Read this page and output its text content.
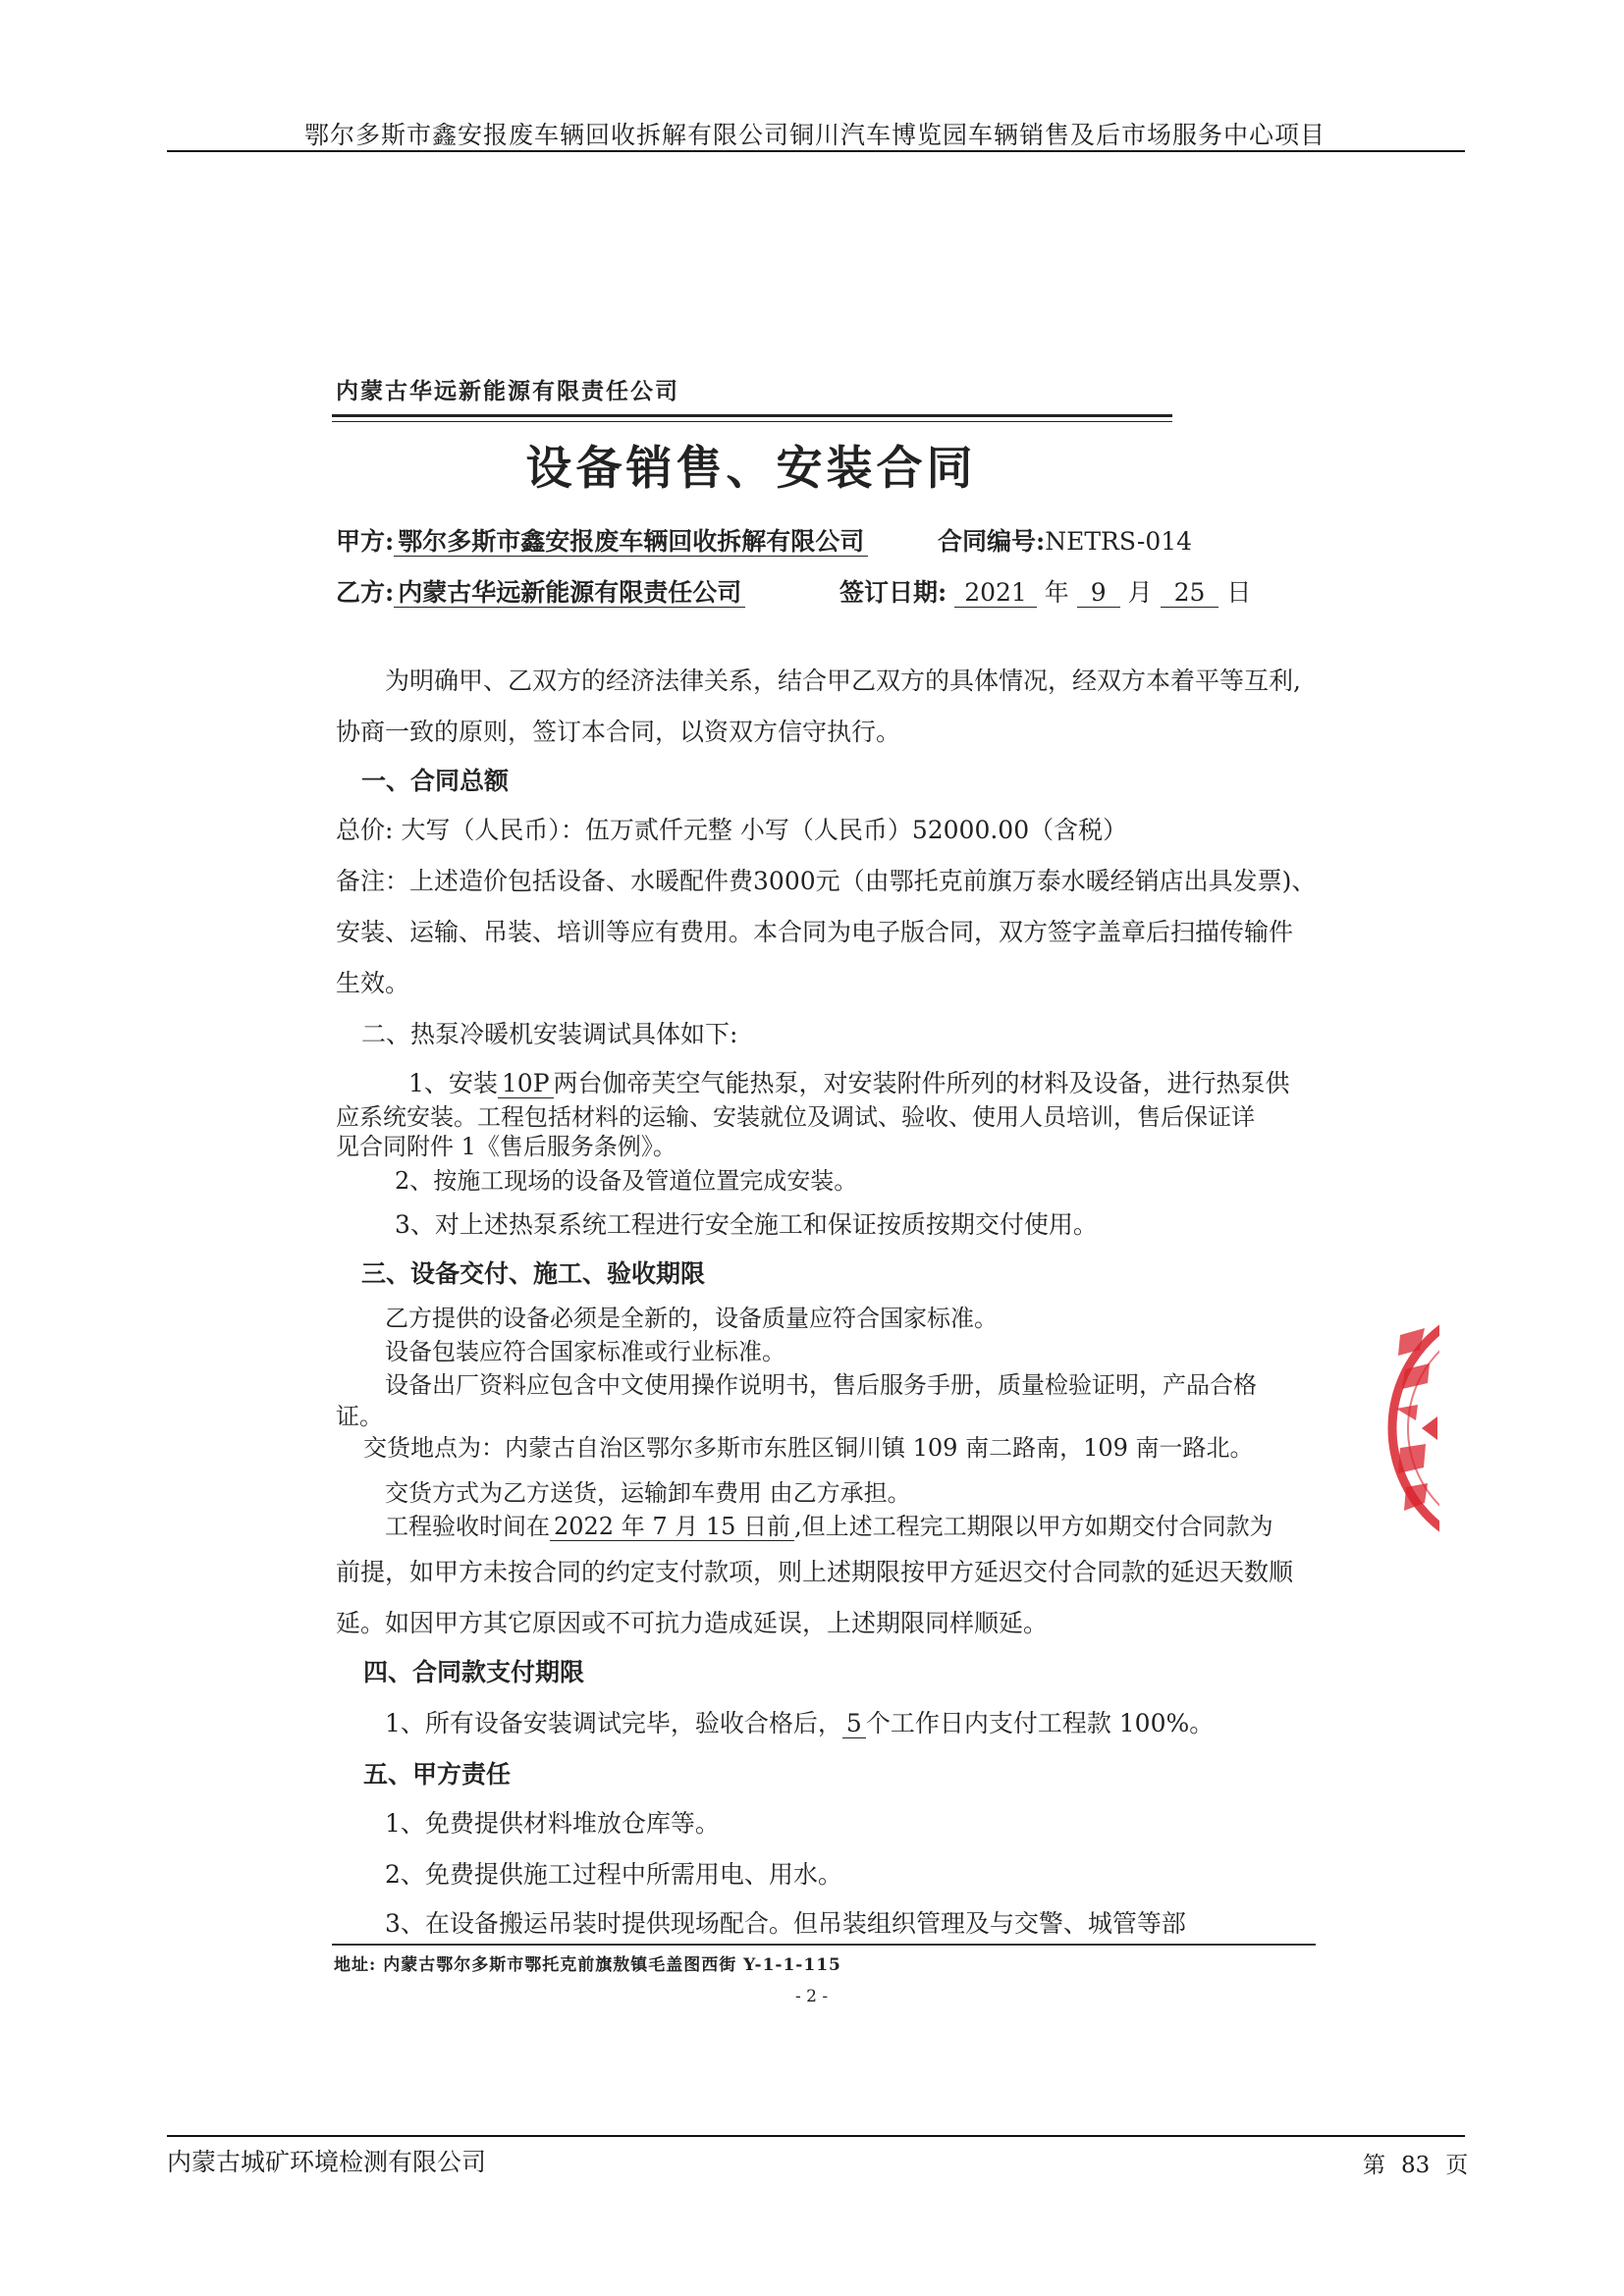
鄂尔多斯市鑫安报废车辆回收拆解有限公司铜川汽车博览园车辆销售及后市场服务中心项目
内蒙古华远新能源有限责任公司
设备销售、安装合同
甲方: 鄂尔多斯市鑫安报废车辆回收拆解有限公司	合同编号:NETRS-014
乙方: 内蒙古华远新能源有限责任公司	签订日期: 2021 年 9 月 25 日
为明确甲、乙双方的经济法律关系，结合甲乙双方的具体情况，经双方本着平等互利,
协商一致的原则，签订本合同，以资双方信守执行。
一、合同总额
总价: 大写（人民币）：伍万贰仟元整 小写（人民币）52000.00（含税）
备注：上述造价包括设备、水暖配件费3000元（由鄂托克前旗万泰水暖经销店出具发票)、
安装、运输、吊装、培训等应有费用。本合同为电子版合同，双方签字盖章后扫描传输件
生效。
二、热泵冷暖机安装调试具体如下:
1、安装 10P 两台伽帝芙空气能热泵，对安装附件所列的材料及设备，进行热泵供
应系统安装。工程包括材料的运输、安装就位及调试、验收、使用人员培训，售后保证详
见合同附件 1《售后服务条例》。
2、按施工现场的设备及管道位置完成安装。
3、对上述热泵系统工程进行安全施工和保证按质按期交付使用。
三、设备交付、施工、验收期限
乙方提供的设备必须是全新的，设备质量应符合国家标准。
设备包装应符合国家标准或行业标准。
设备出厂资料应包含中文使用操作说明书，售后服务手册，质量检验证明，产品合格
证。
交货地点为：内蒙古自治区鄂尔多斯市东胜区铜川镇 109 南二路南，109 南一路北。
交货方式为乙方送货，运输卸车费用 由乙方承担。
工程验收时间在 2022 年 7 月 15 日前 ,但上述工程完工期限以甲方如期交付合同款为
前提，如甲方未按合同的约定支付款项，则上述期限按甲方延迟交付合同款的延迟天数顺
延。如因甲方其它原因或不可抗力造成延误，上述期限同样顺延。
四、合同款支付期限
1、所有设备安装调试完毕，验收合格后， 5 个工作日内支付工程款 100%。
五、甲方责任
1、免费提供材料堆放仓库等。
2、免费提供施工过程中所需用电、用水。
3、在设备搬运吊装时提供现场配合。但吊装组织管理及与交警、城管等部
地址: 内蒙古鄂尔多斯市鄂托克前旗敖镇毛盖图西街 Y-1-1-115
- 2 -
内蒙古城矿环境检测有限公司	第 83 页
